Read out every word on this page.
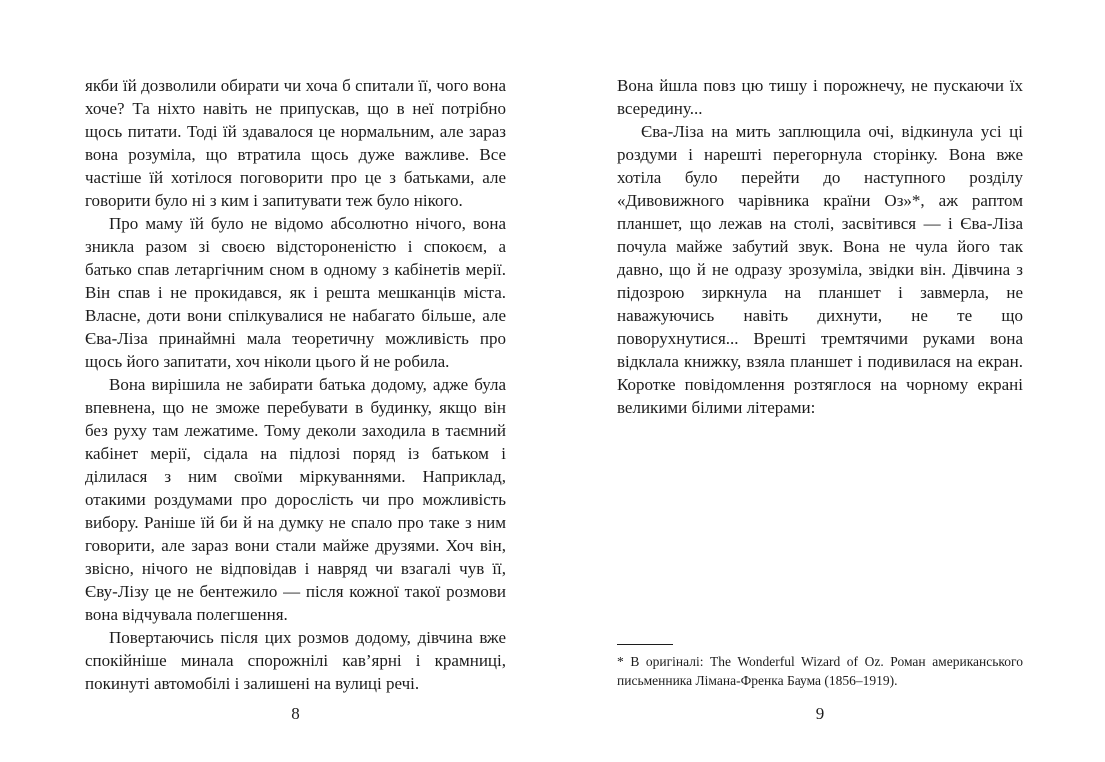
якби їй дозволили обирати чи хоча б спитали її, чого вона хоче? Та ніхто навіть не припускав, що в неї потрібно щось питати. Тоді їй здавалося це нормальним, але зараз вона розуміла, що втратила щось дуже важливе. Все частіше їй хотілося поговорити про це з батьками, але говорити було ні з ким і запитувати теж було нікого.

Про маму їй було не відомо абсолютно нічого, вона зникла разом зі своєю відстороненістю і спокоєм, а батько спав летаргічним сном в одному з кабінетів мерії. Він спав і не прокидався, як і решта мешканців міста. Власне, доти вони спілкувалися не набагато більше, але Єва-Ліза принаймні мала теоретичну можливість про щось його запитати, хоч ніколи цього й не робила.

Вона вирішила не забирати батька додому, адже була впевнена, що не зможе перебувати в будинку, якщо він без руху там лежатиме. Тому деколи заходила в таємний кабінет мерії, сідала на підлозі поряд із батьком і ділилася з ним своїми міркуваннями. Наприклад, отакими роздумами про дорослість чи про можливість вибору. Раніше їй би й на думку не спало про таке з ним говорити, але зараз вони стали майже друзями. Хоч він, звісно, нічого не відповідав і навряд чи взагалі чув її, Єву-Лізу це не бентежило — після кожної такої розмови вона відчувала полегшення.

Повертаючись після цих розмов додому, дівчина вже спокійніше минала спорожнілі кав’ярні і крамниці, покинуті автомобілі і залишені на вулиці речі.

Вона йшла повз цю тишу і порожнечу, не пускаючи їх всередину...

Єва-Ліза на мить заплющила очі, відкинула усі ці роздуми і нарешті перегорнула сторінку. Вона вже хотіла було перейти до наступного розділу «Дивовижного чарівника країни Оз»*, аж раптом планшет, що лежав на столі, засвітився — і Єва-Ліза почула майже забутий звук. Вона не чула його так давно, що й не одразу зрозуміла, звідки він. Дівчина з підозрою зиркнула на планшет і завмерла, не наважуючись навіть дихнути, не те що поворухнутися... Врешті тремтячими руками вона відклала книжку, взяла планшет і подивилася на екран. Коротке повідомлення розтяглося на чорному екрані великими білими літерами:

* В оригіналі: The Wonderful Wizard of Oz. Роман американського письменника Лімана-Френка Баума (1856–1919).

8	9
